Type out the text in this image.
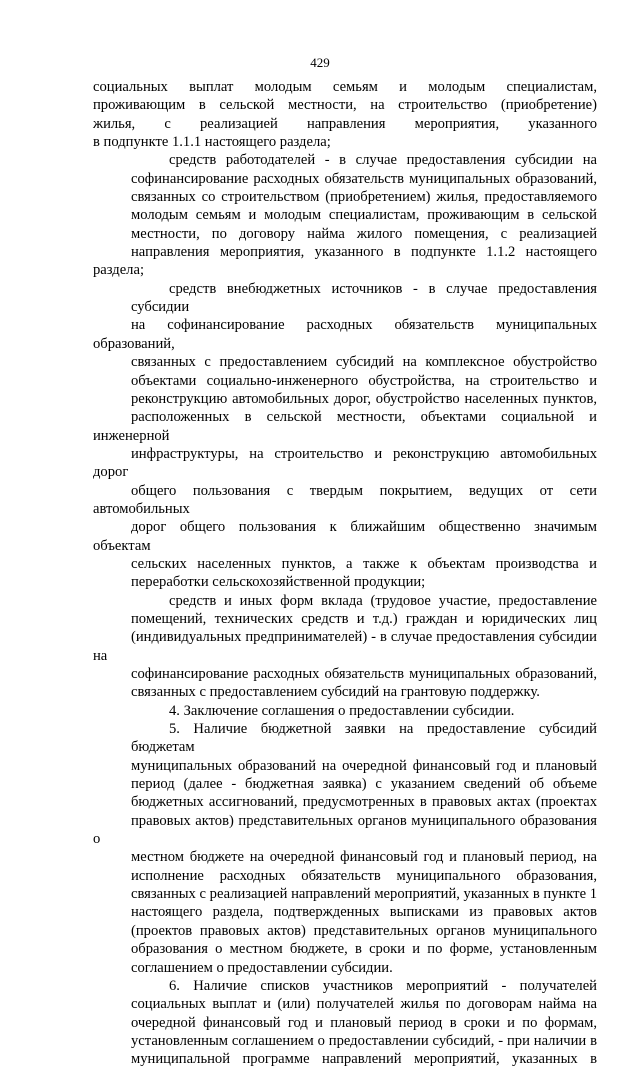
429
социальных выплат молодым семьям и молодым специалистам,
проживающим в сельской местности, на строительство (приобретение)
жилья, с реализацией направления мероприятия, указанного
в подпункте 1.1.1 настоящего раздела;
средств работодателей - в случае предоставления субсидии на
софинансирование расходных обязательств муниципальных образований,
связанных со строительством (приобретением) жилья, предоставляемого
молодым семьям и молодым специалистам, проживающим в сельской
местности, по договору найма жилого помещения, с реализацией
направления мероприятия, указанного в подпункте 1.1.2 настоящего раздела;
средств внебюджетных источников - в случае предоставления субсидии
на софинансирование расходных обязательств муниципальных образований,
связанных с предоставлением субсидий на комплексное обустройство
объектами социально-инженерного обустройства, на строительство и
реконструкцию автомобильных дорог, обустройство населенных пунктов,
расположенных в сельской местности, объектами социальной и инженерной
инфраструктуры, на строительство и реконструкцию автомобильных дорог
общего пользования с твердым покрытием, ведущих от сети автомобильных
дорог общего пользования к ближайшим общественно значимым объектам
сельских населенных пунктов, а также к объектам производства и
переработки сельскохозяйственной продукции;
средств и иных форм вклада (трудовое участие, предоставление
помещений, технических средств и т.д.) граждан и юридических лиц
(индивидуальных предпринимателей) - в случае предоставления субсидии на
софинансирование расходных обязательств муниципальных образований,
связанных с предоставлением субсидий на грантовую поддержку.
4. Заключение соглашения о предоставлении субсидии.
5. Наличие бюджетной заявки на предоставление субсидий бюджетам
муниципальных образований на очередной финансовый год и плановый
период (далее - бюджетная заявка) с указанием сведений об объеме
бюджетных ассигнований, предусмотренных в правовых актах (проектах
правовых актов) представительных органов муниципального образования о
местном бюджете на очередной финансовый год и плановый период, на
исполнение расходных обязательств муниципального образования,
связанных с реализацией направлений мероприятий, указанных в пункте 1
настоящего раздела, подтвержденных выписками из правовых актов
(проектов правовых актов) представительных органов муниципального
образования о местном бюджете, в сроки и по форме, установленным
соглашением о предоставлении субсидии.
6. Наличие списков участников мероприятий - получателей
социальных выплат и (или) получателей жилья по договорам найма на
очередной финансовый год и плановый период в сроки и по формам,
установленным соглашением о предоставлении субсидий, - при наличии в
муниципальной программе направлений мероприятий, указанных в
